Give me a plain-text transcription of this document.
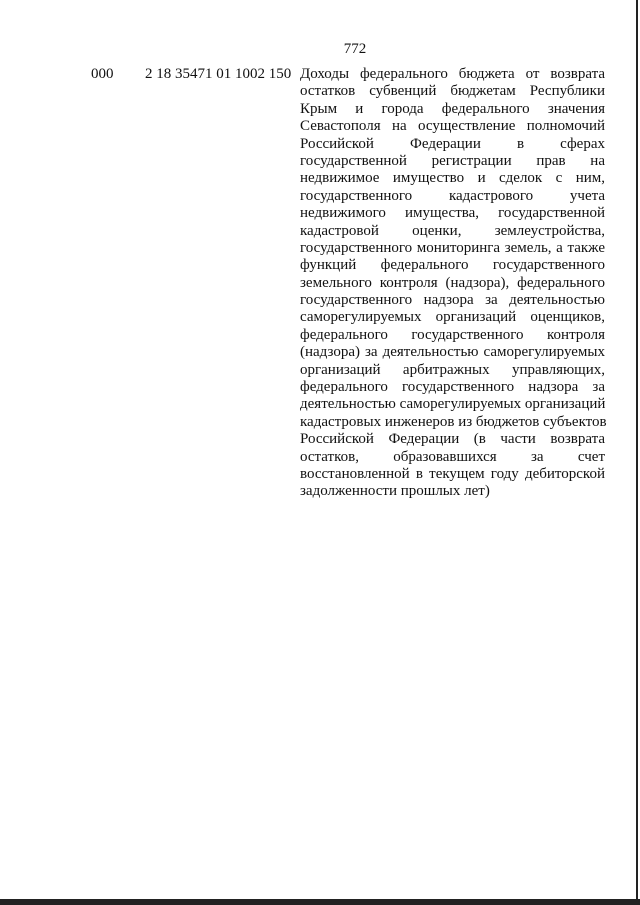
772
000 2 18 35471 01 1002 150 Доходы федерального бюджета от возврата
остатков субвенций бюджетам Республики
Крым и города федерального значения
Севастополя на осуществление полномочий
Российской Федерации в сферах
государственной регистрации прав на
недвижимое имущество и сделок с ним,
государственного кадастрового учета
недвижимого имущества, государственной
кадастровой оценки, землеустройства,
государственного мониторинга земель, а также
функций федерального государственного
земельного контроля (надзора), федерального
государственного надзора за деятельностью
саморегулируемых организаций оценщиков,
федерального государственного контроля
(надзора) за деятельностью саморегулируемых
организаций арбитражных управляющих,
федерального государственного надзора за
деятельностью саморегулируемых организаций
кадастровых инженеров из бюджетов субъектов
Российской Федерации (в части возврата
остатков, образовавшихся за счет
восстановленной в текущем году дебиторской
задолженности прошлых лет)
